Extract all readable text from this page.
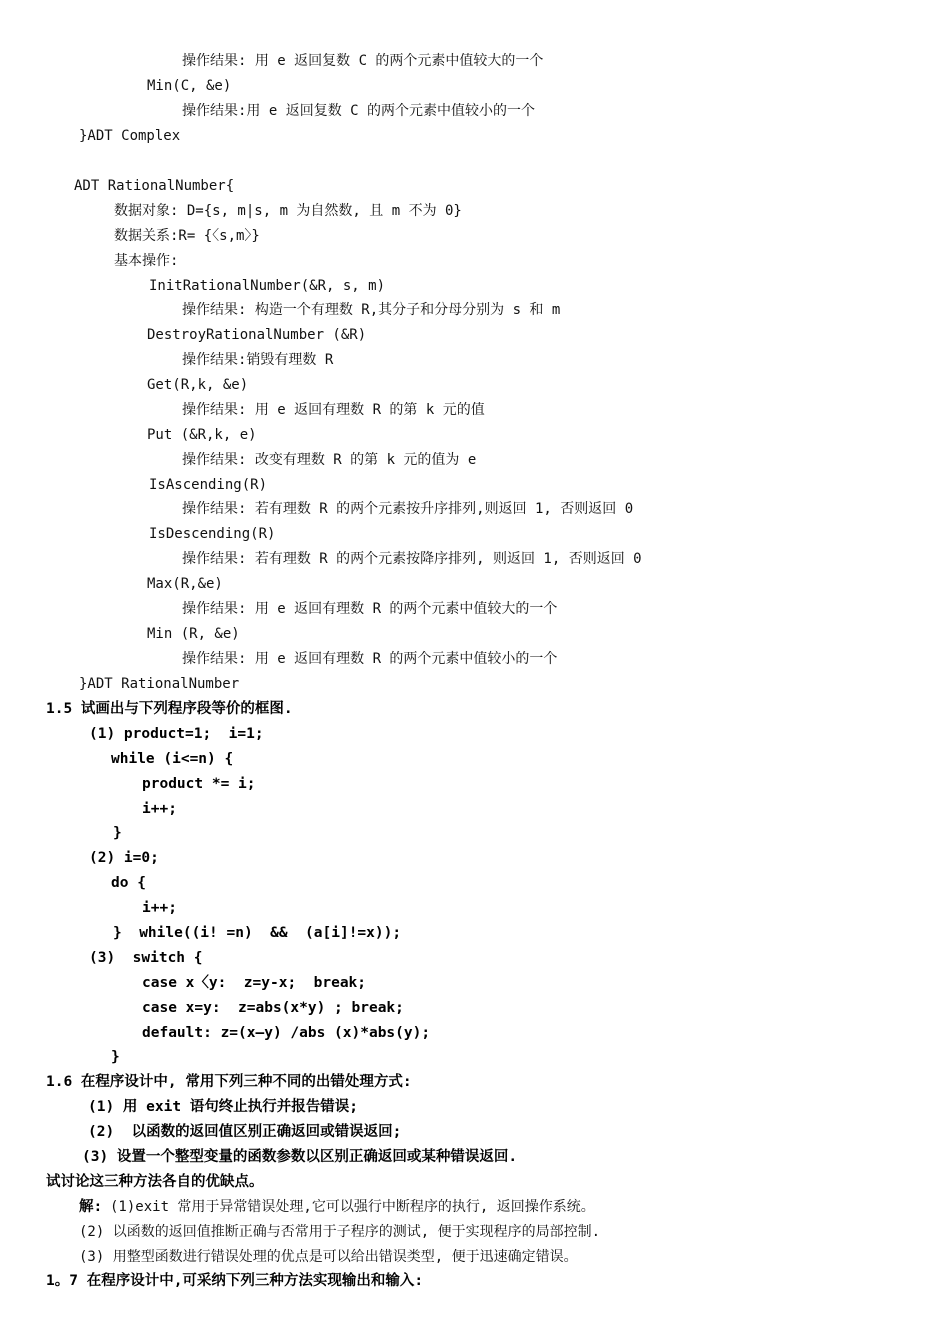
操作结果: 用 e 返回复数 C 的两个元素中值较大的一个
Min(C, &e)
操作结果:用 e 返回复数 C 的两个元素中值较小的一个
}ADT Complex
ADT RationalNumber{
数据对象: D={s, m|s, m 为自然数, 且 m 不为 0}
数据关系:R= {〈s,m〉}
基本操作:
InitRationalNumber(&R, s, m)
操作结果: 构造一个有理数 R,其分子和分母分别为 s 和 m
DestroyRationalNumber (&R)
操作结果:销毁有理数 R
Get(R,k, &e)
操作结果: 用 e 返回有理数 R 的第 k 元的值
Put (&R,k, e)
操作结果: 改变有理数 R 的第 k 元的值为 e
IsAscending(R)
操作结果: 若有理数 R 的两个元素按升序排列,则返回 1, 否则返回 0
IsDescending(R)
操作结果: 若有理数 R 的两个元素按降序排列, 则返回 1, 否则返回 0
Max(R,&e)
操作结果: 用 e 返回有理数 R 的两个元素中值较大的一个
Min (R, &e)
操作结果: 用 e 返回有理数 R 的两个元素中值较小的一个
}ADT RationalNumber
1.5 试画出与下列程序段等价的框图.
(1) product=1;  i=1;
while (i<=n) {
product *= i;
i++;
}
(2) i=0;
do {
i++;
}  while((i! =n)  &&  (a[i]!=x));
(3)  switch {
case x〈y:  z=y-x;  break;
case x=y:  z=abs(x*y) ; break;
default: z=(x—y) /abs (x)*abs(y);
}
1.6 在程序设计中, 常用下列三种不同的出错处理方式:
(1) 用 exit 语句终止执行并报告错误;
(2)  以函数的返回值区别正确返回或错误返回;
(3) 设置一个整型变量的函数参数以区别正确返回或某种错误返回.
试讨论这三种方法各自的优缺点。
解: (1)exit 常用于异常错误处理,它可以强行中断程序的执行, 返回操作系统。
(2) 以函数的返回值推断正确与否常用于子程序的测试, 便于实现程序的局部控制.
(3) 用整型函数进行错误处理的优点是可以给出错误类型, 便于迅速确定错误。
1。7 在程序设计中,可采纳下列三种方法实现输出和输入:
